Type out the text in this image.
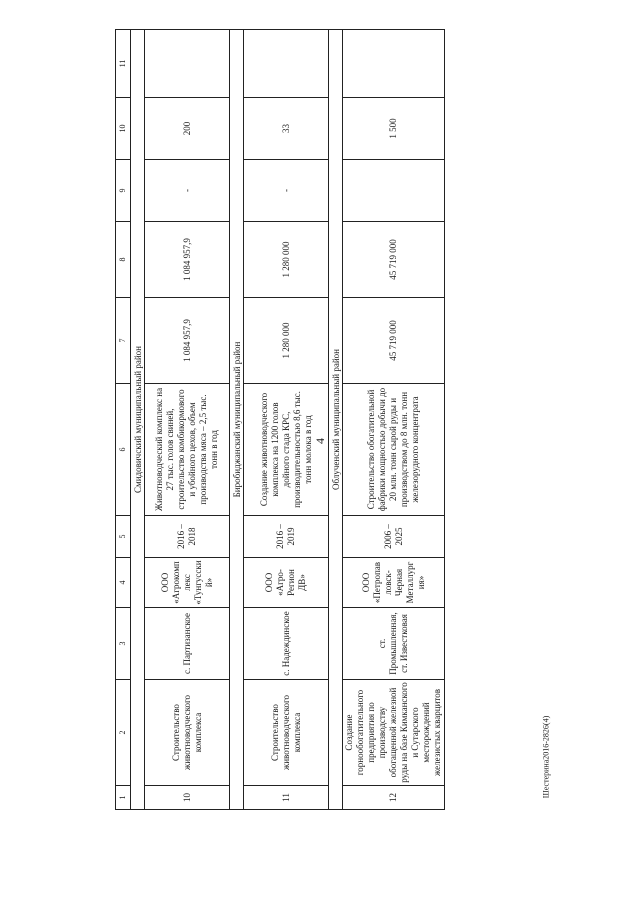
4
1	2	3	4	5	6	7	8	9	10	11
Смидовичский муниципальный район										
10	Строительство животноводческого комплекса	с. Партизанское	ООО «Агрокомплекс «Тунгусский»	2016 – 2018	Животноводческий комплекс на 27 тыс. голов свиней, строительство комбикормового и убойного цехов, объем производства мяса – 2,5 тыс. тонн в год	1 084 957,9	1 084 957,9	-	200	
Биробиджанский муниципальный район										
11	Строительство животноводческого комплекса	с. Надеждинское	ООО «Агро-Регион ДВ»	2016 – 2019	Создание животноводческого комплекса на 1200 голов дойного стада КРС, производительностью 8,6 тыс. тонн молока в год	1 280 000	1 280 000	-	33	
Облученский муниципальный район										
12	Создание горнообогатительного предприятия по производству обогащенной железной руды на базе Кимканского и Сутарского месторождений железистых кварцитов	ст. Промышленная, ст. Известковая	ООО «Петропавловск-Черная Металлургия»	2006 – 2025	Строительство обогатительной фабрики мощностью добычи до 20 млн. тонн сырой руды и производством до 8 млн. тонн железорудного концентрата	45 719 000	45 719 000		1 500	
Шестерина2016-2826(4)
